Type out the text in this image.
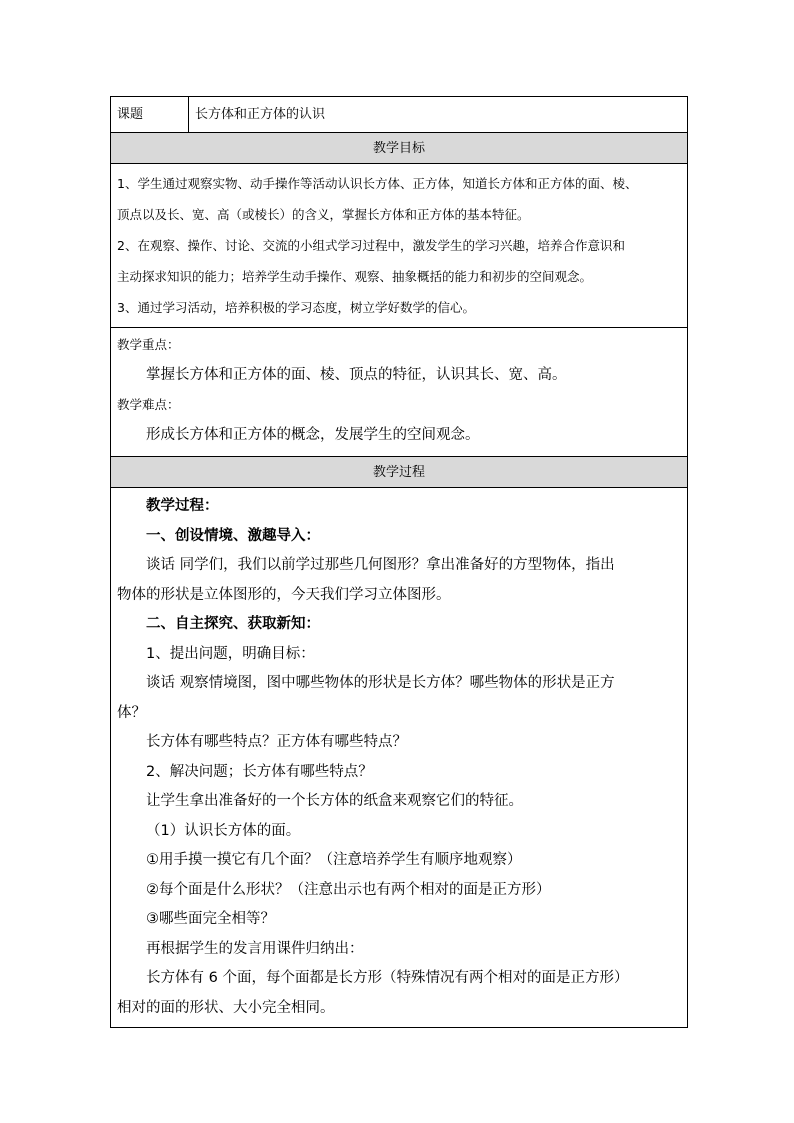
课题	长方体和正方体的认识
教学目标

1、学生通过观察实物、动手操作等活动认识长方体、正方体，知道长方体和正方体的面、棱、

顶点以及长、宽、高（或棱长）的含义，掌握长方体和正方体的基本特征。

2、在观察、操作、讨论、交流的小组式学习过程中，激发学生的学习兴趣，培养合作意识和

主动探求知识的能力；培养学生动手操作、观察、抽象概括的能力和初步的空间观念。

3、通过学习活动，培养积极的学习态度，树立学好数学的信心。

教学重点：

掌握长方体和正方体的面、棱、顶点的特征，认识其长、宽、高。

教学难点：

形成长方体和正方体的概念，发展学生的空间观念。

教学过程

教学过程：

一、创设情境、激趣导入：

谈话 同学们，我们以前学过那些几何图形？拿出准备好的方型物体，指出

物体的形状是立体图形的，今天我们学习立体图形。

二、自主探究、获取新知：

1、提出问题，明确目标：

谈话 观察情境图，图中哪些物体的形状是长方体？哪些物体的形状是正方

体？

长方体有哪些特点？正方体有哪些特点？

2、解决问题；长方体有哪些特点？

让学生拿出准备好的一个长方体的纸盒来观察它们的特征。

（1）认识长方体的面。

①用手摸一摸它有几个面？（注意培养学生有顺序地观察）

②每个面是什么形状？（注意出示也有两个相对的面是正方形）

③哪些面完全相等？

再根据学生的发言用课件归纳出：

长方体有 6 个面，每个面都是长方形（特殊情况有两个相对的面是正方形）

相对的面的形状、大小完全相同。
